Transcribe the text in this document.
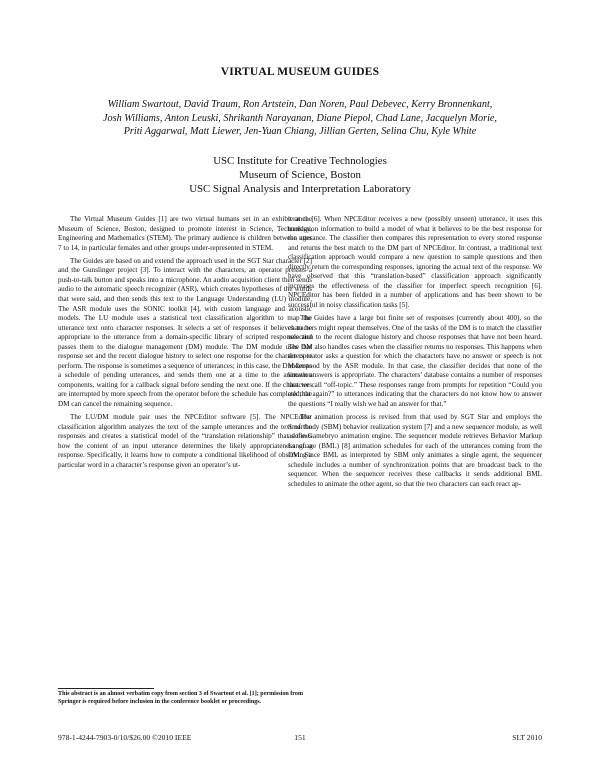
VIRTUAL MUSEUM GUIDES
William Swartout, David Traum, Ron Artstein, Dan Noren, Paul Debevec, Kerry Bronnenkant,
Josh Williams, Anton Leuski, Shrikanth Narayanan, Diane Piepol, Chad Lane, Jacquelyn Morie,
Priti Aggarwal, Matt Liewer, Jen-Yuan Chiang, Jillian Gerten, Selina Chu, Kyle White
USC Institute for Creative Technologies
Museum of Science, Boston
USC Signal Analysis and Interpretation Laboratory

The Virtual Museum Guides [1] are two virtual humans set in an exhibit at the Museum of Science, Boston, designed to promote interest in Science, Technology, Engineering and Mathematics (STEM). The primary audience is children between ages 7 to 14, in particular females and other groups under-represented in STEM.

The Guides are based on and extend the approach used in the SGT Star character [2] and the Gunslinger project [3]. To interact with the characters, an operator presses a push-to-talk button and speaks into a microphone. An audio acquisition client then sends audio to the automatic speech recognizer (ASR), which creates hypotheses of the words that were said, and then sends this text to the Language Understanding (LU) module. The ASR module uses the SONIC toolkit [4], with custom language and acoustic models. The LU module uses a statistical text classification algorithm to map the utterance text onto character responses. It selects a set of responses it believes to be appropriate to the utterance from a domain-specific library of scripted responses and passes them to the dialogue management (DM) module. The DM module uses that response set and the recent dialogue history to select one response for the characters to perform. The response is sometimes a sequence of utterances; in this case, the DM keeps a schedule of pending utterances, and sends them one at a time to the animation components, waiting for a callback signal before sending the next one. If the characters are interrupted by more speech from the operator before the schedule has completed, the DM can cancel the remaining sequence.

The LU/DM module pair uses the NPCEditor software [5]. The NPCEditor classification algorithm analyzes the text of the sample utterances and the text of the responses and creates a statistical model of the “translation relationship” that defines how the content of an input utterance determines the likely appropriateness of a response. Specifically, it learns how to compute a conditional likelihood of observing a particular word in a character’s response given an operator’s ut-

terance [6]. When NPCEditor receives a new (possibly unseen) utterance, it uses this translation information to build a model of what it believes to be the best response for the utterance. The classifier then compares this representation to every stored response and returns the best match to the DM part of NPCEditor. In contrast, a traditional text classification approach would compare a new question to sample questions and then directly return the corresponding responses, ignoring the actual text of the response. We have observed that this “translation-based” classification approach significantly increases the effectiveness of the classifier for imperfect speech recognition [6]. NPCEditor has been fielded in a number of applications and has been shown to be successful in noisy classification tasks [5].

The Guides have a large but finite set of responses (currently about 400), so the characters might repeat themselves. One of the tasks of the DM is to match the classifier selection to the recent dialogue history and choose responses that have not been heard. The DM also handles cases when the classifier returns no responses. This happens when the operator asks a question for which the characters have no answer or speech is not understood by the ASR module. In that case, the classifier decides that none of the known answers is appropriate. The characters’ database contains a number of responses that we call “off-topic.” These responses range from prompts for repetition “Could you ask that again?” to utterances indicating that the characters do not know how to answer the questions “I really wish we had an answer for that.”

The animation process is revised from that used by SGT Star and employs the Smartbody (SBM) behavior realization system [7] and a new sequencer module, as well as the Gamebryo animation engine. The sequencer module retrieves Behavior Markup Language (BML) [8] animation schedules for each of the utterances coming from the DM. Since BML as interpreted by SBM only animates a single agent, the sequencer schedule includes a number of synchronization points that are broadcast back to the sequencer. When the sequencer receives these callbacks it sends additional BML schedules to animate the other agent, so that the two characters can each react ap-

This abstract is an almost verbatim copy from section 3 of Swartout et al. [1]; permission from Springer is required before inclusion in the conference booklet or proceedings.
978-1-4244-7903-0/10/$26.00 ©2010 IEEE	151	SLT 2010
